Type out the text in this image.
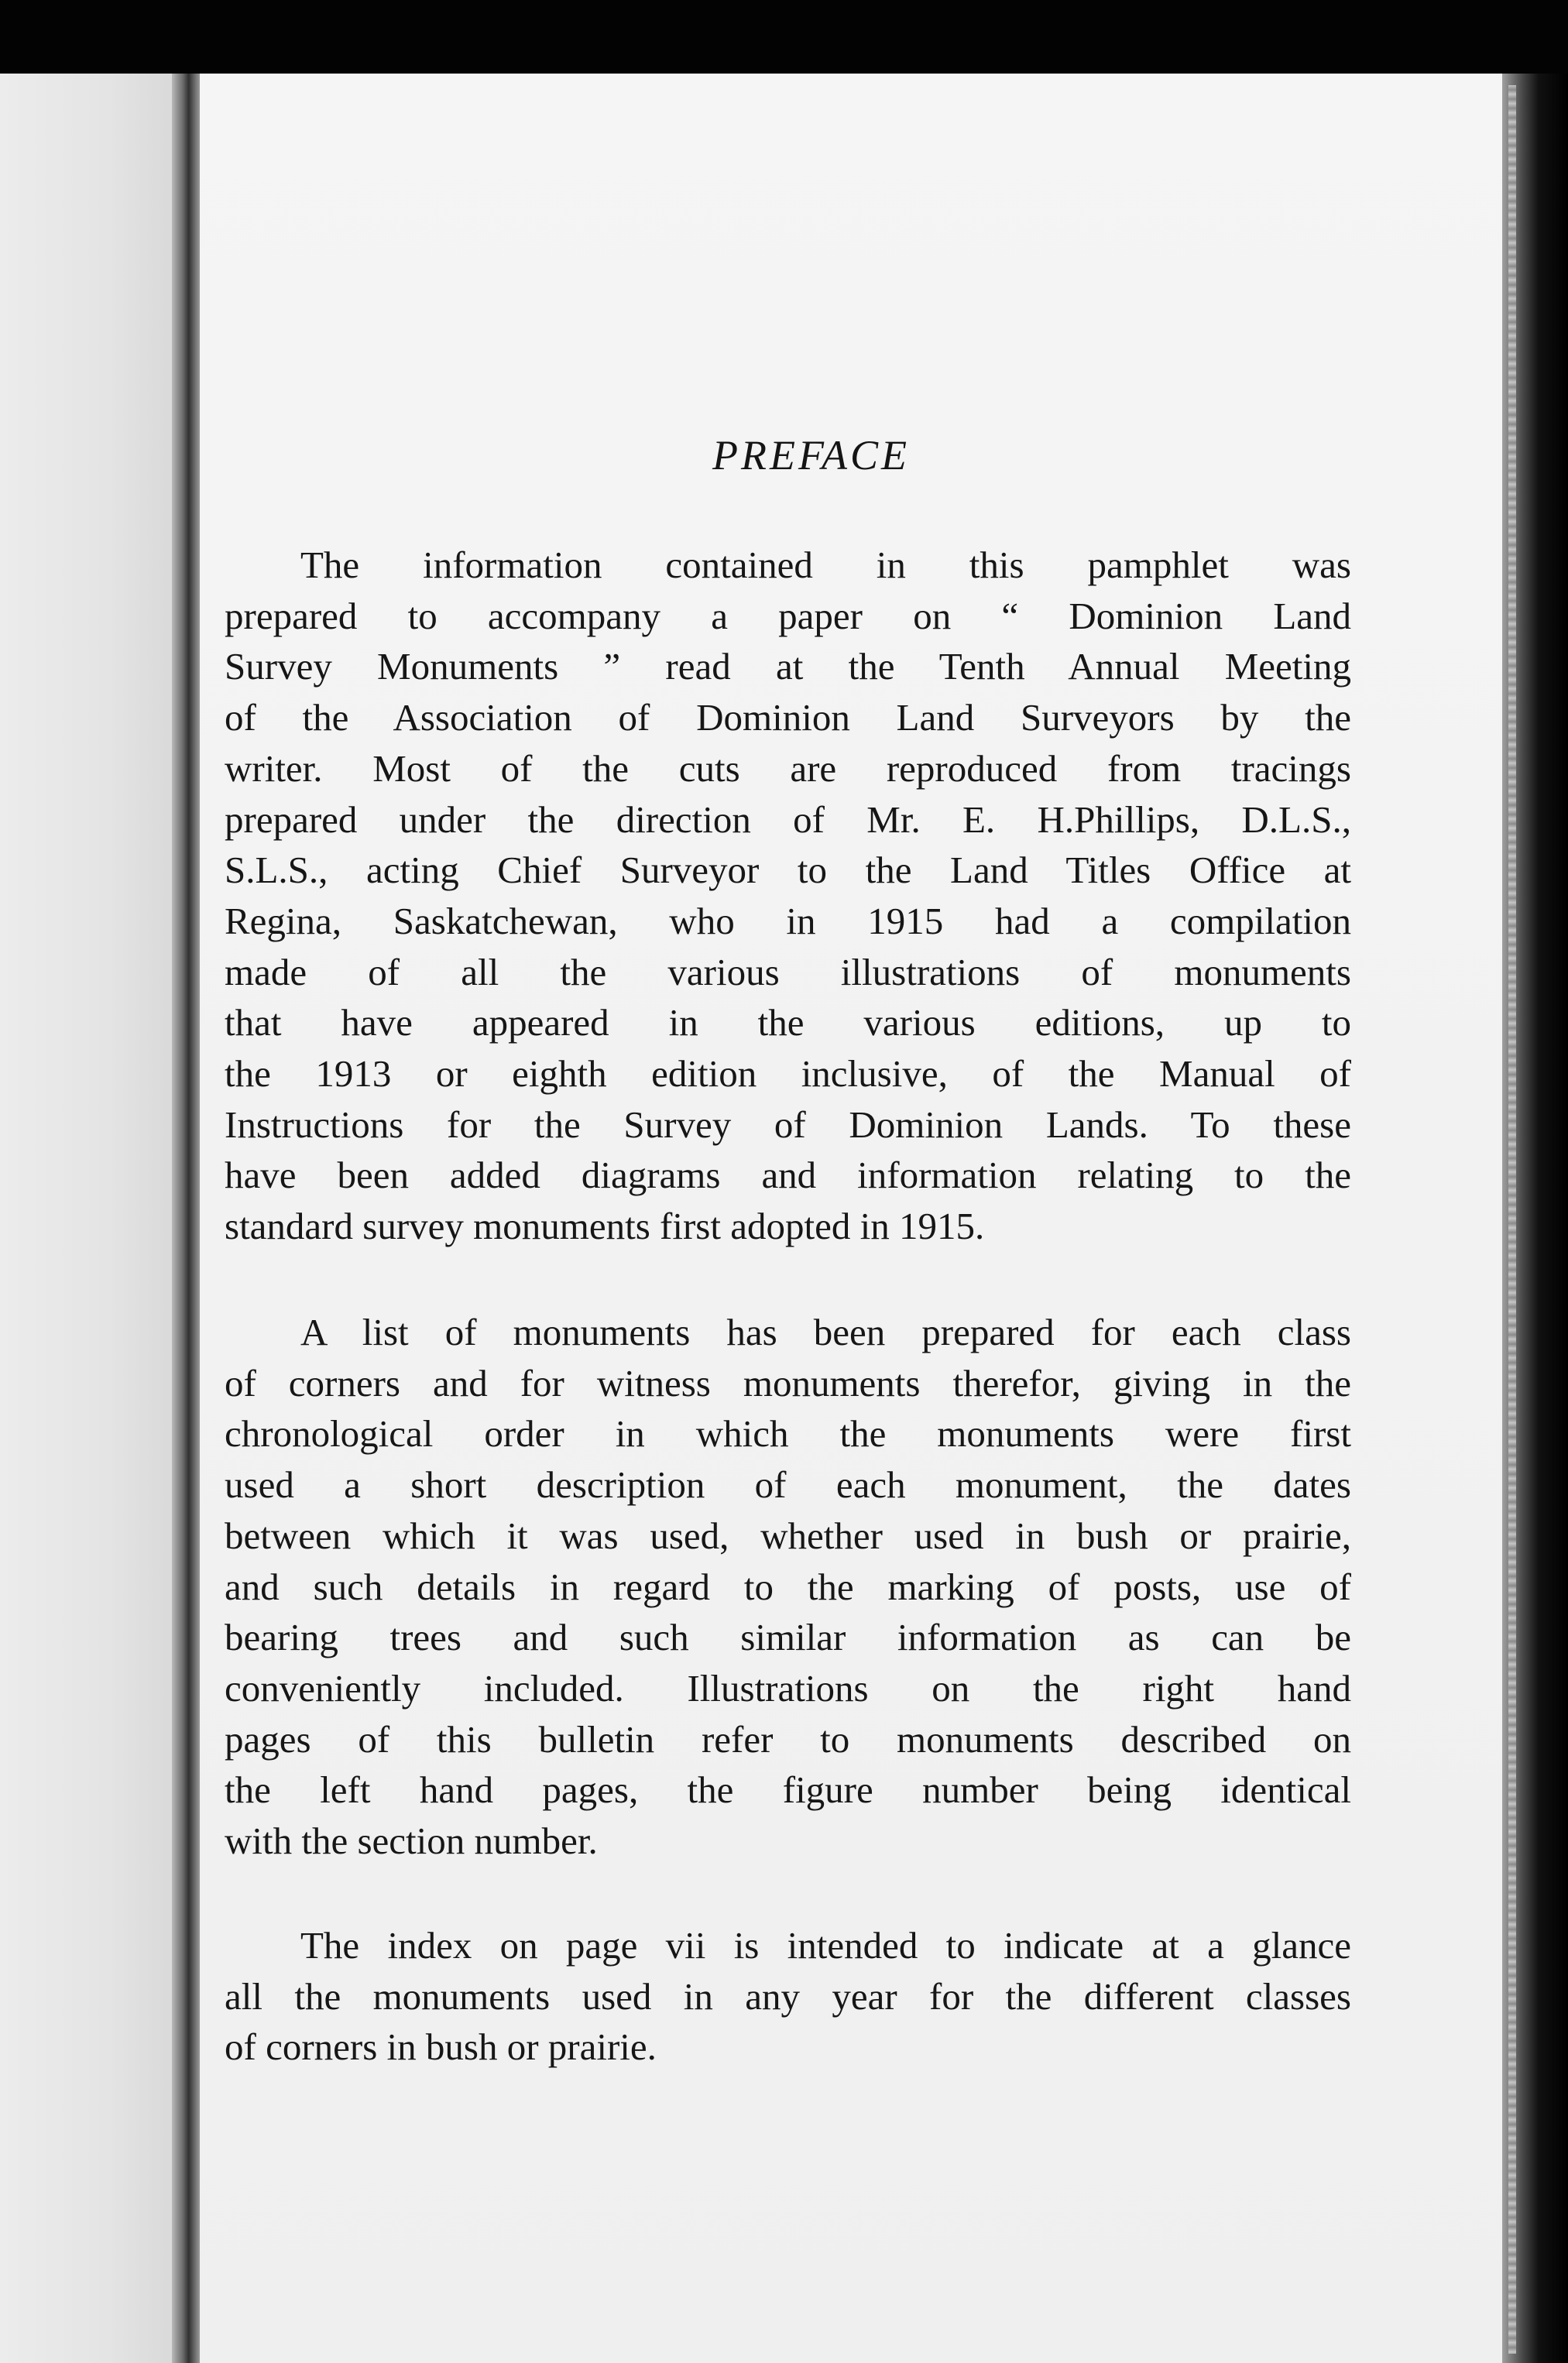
PREFACE
The information contained in this pamphlet was
prepared to accompany a paper on “ Dominion Land
Survey Monuments ” read at the Tenth Annual Meeting
of the Association of Dominion Land Surveyors by the
writer. Most of the cuts are reproduced from tracings
prepared under the direction of Mr. E. H.Phillips, D.L.S.,
S.L.S., acting Chief Surveyor to the Land Titles Office at
Regina, Saskatchewan, who in 1915 had a compilation
made of all the various illustrations of monuments
that have appeared in the various editions, up to
the 1913 or eighth edition inclusive, of the Manual of
Instructions for the Survey of Dominion Lands. To these
have been added diagrams and information relating to the
standard survey monuments first adopted in 1915.
A list of monuments has been prepared for each class
of corners and for witness monuments therefor, giving in the
chronological order in which the monuments were first
used a short description of each monument, the dates
between which it was used, whether used in bush or prairie,
and such details in regard to the marking of posts, use of
bearing trees and such similar information as can be
conveniently included. Illustrations on the right hand
pages of this bulletin refer to monuments described on
the left hand pages, the figure number being identical
with the section number.
The index on page vii is intended to indicate at a glance
all the monuments used in any year for the different classes
of corners in bush or prairie.
